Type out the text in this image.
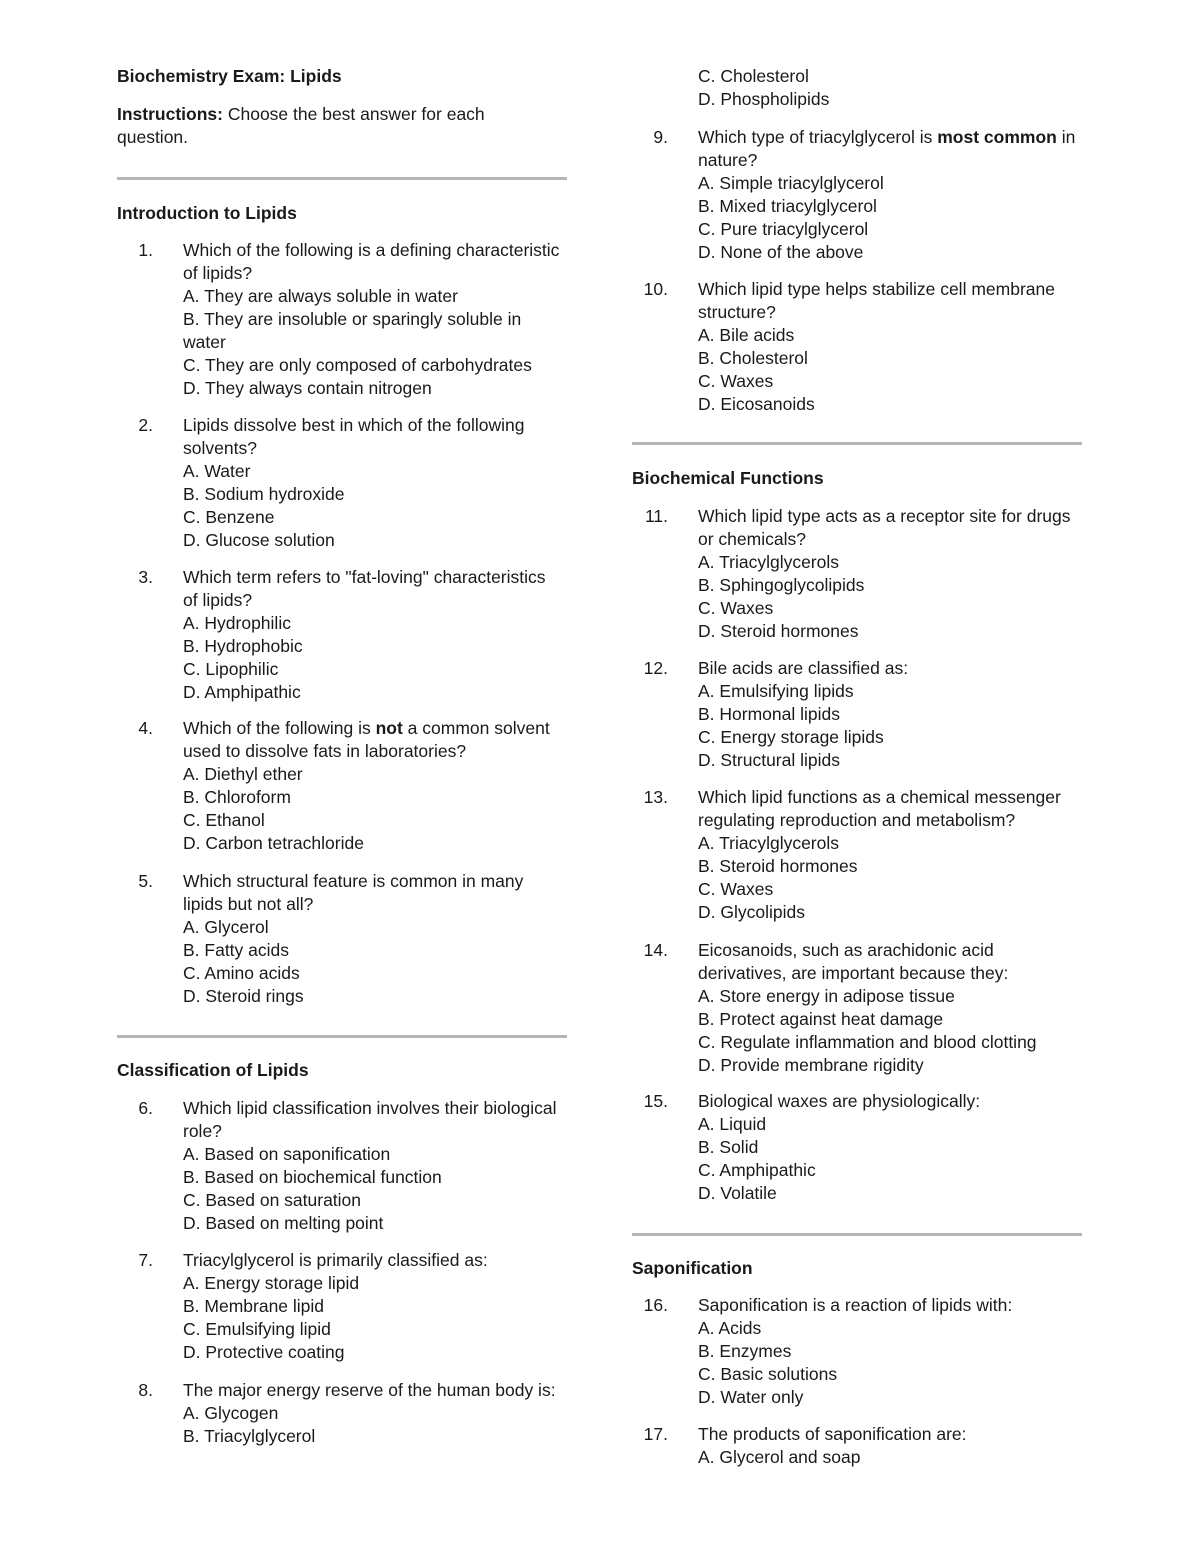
Biochemistry Exam: Lipids
Instructions: Choose the best answer for each question.
Introduction to Lipids
1. Which of the following is a defining characteristic of lipids?
A. They are always soluble in water
B. They are insoluble or sparingly soluble in water
C. They are only composed of carbohydrates
D. They always contain nitrogen
2. Lipids dissolve best in which of the following solvents?
A. Water
B. Sodium hydroxide
C. Benzene
D. Glucose solution
3. Which term refers to "fat-loving" characteristics of lipids?
A. Hydrophilic
B. Hydrophobic
C. Lipophilic
D. Amphipathic
4. Which of the following is not a common solvent used to dissolve fats in laboratories?
A. Diethyl ether
B. Chloroform
C. Ethanol
D. Carbon tetrachloride
5. Which structural feature is common in many lipids but not all?
A. Glycerol
B. Fatty acids
C. Amino acids
D. Steroid rings
Classification of Lipids
6. Which lipid classification involves their biological role?
A. Based on saponification
B. Based on biochemical function
C. Based on saturation
D. Based on melting point
7. Triacylglycerol is primarily classified as:
A. Energy storage lipid
B. Membrane lipid
C. Emulsifying lipid
D. Protective coating
8. The major energy reserve of the human body is:
A. Glycogen
B. Triacylglycerol
C. Cholesterol
D. Phospholipids
9. Which type of triacylglycerol is most common in nature?
A. Simple triacylglycerol
B. Mixed triacylglycerol
C. Pure triacylglycerol
D. None of the above
10. Which lipid type helps stabilize cell membrane structure?
A. Bile acids
B. Cholesterol
C. Waxes
D. Eicosanoids
Biochemical Functions
11. Which lipid type acts as a receptor site for drugs or chemicals?
A. Triacylglycerols
B. Sphingoglycolipids
C. Waxes
D. Steroid hormones
12. Bile acids are classified as:
A. Emulsifying lipids
B. Hormonal lipids
C. Energy storage lipids
D. Structural lipids
13. Which lipid functions as a chemical messenger regulating reproduction and metabolism?
A. Triacylglycerols
B. Steroid hormones
C. Waxes
D. Glycolipids
14. Eicosanoids, such as arachidonic acid derivatives, are important because they:
A. Store energy in adipose tissue
B. Protect against heat damage
C. Regulate inflammation and blood clotting
D. Provide membrane rigidity
15. Biological waxes are physiologically:
A. Liquid
B. Solid
C. Amphipathic
D. Volatile
Saponification
16. Saponification is a reaction of lipids with:
A. Acids
B. Enzymes
C. Basic solutions
D. Water only
17. The products of saponification are:
A. Glycerol and soap
